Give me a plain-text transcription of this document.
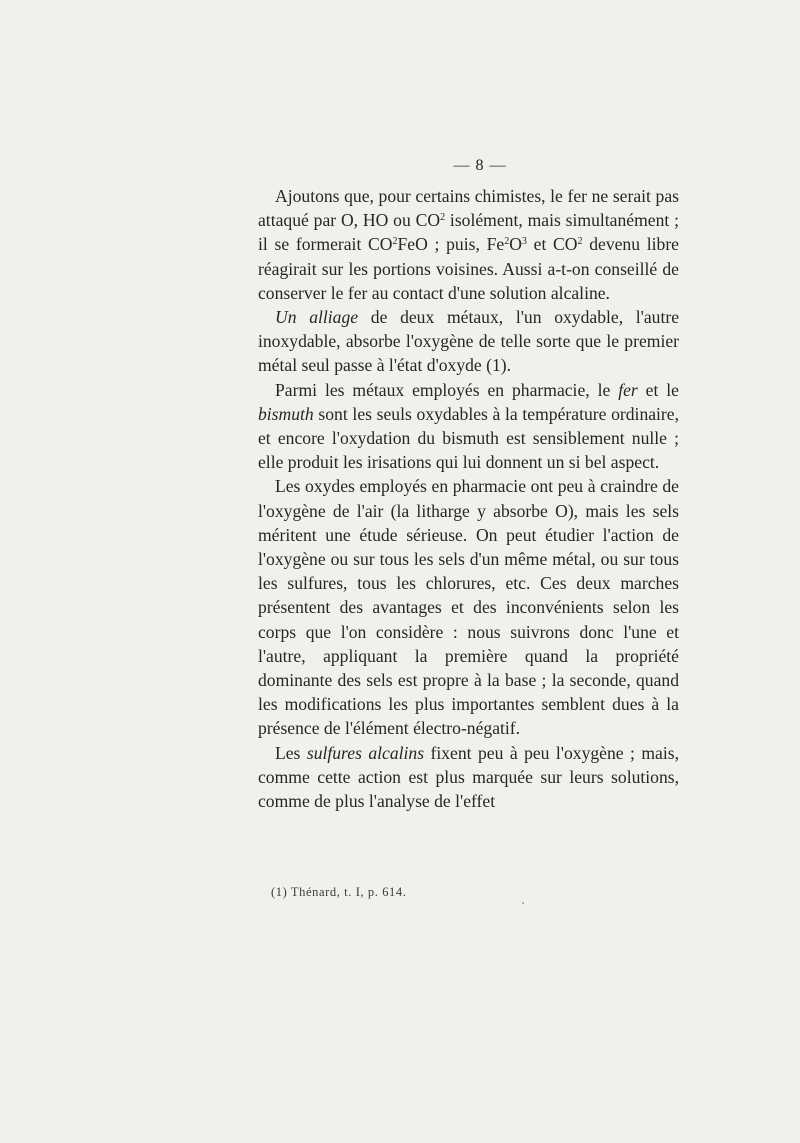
— 8 —

Ajoutons que, pour certains chimistes, le fer ne serait pas attaqué par O, HO ou $CO^2$ isolément, mais simultanément ; il se formerait $CO^2FeO$ ; puis, $Fe^2O^3$ et $CO^2$ devenu libre réagirait sur les portions voisines. Aussi a-t-on conseillé de conserver le fer au contact d'une solution alcaline.

Un alliage de deux métaux, l'un oxydable, l'autre inoxydable, absorbe l'oxygène de telle sorte que le premier métal seul passe à l'état d'oxyde (1).

Parmi les métaux employés en pharmacie, le fer et le bismuth sont les seuls oxydables à la température ordinaire, et encore l'oxydation du bismuth est sensiblement nulle ; elle produit les irisations qui lui donnent un si bel aspect.

Les oxydes employés en pharmacie ont peu à craindre de l'oxygène de l'air (la litharge y absorbe O), mais les sels méritent une étude sérieuse. On peut étudier l'action de l'oxygène ou sur tous les sels d'un même métal, ou sur tous les sulfures, tous les chlorures, etc. Ces deux marches présentent des avantages et des inconvénients selon les corps que l'on considère : nous suivrons donc l'une et l'autre, appliquant la première quand la propriété dominante des sels est propre à la base ; la seconde, quand les modifications les plus importantes semblent dues à la présence de l'élément électro-négatif.

Les sulfures alcalins fixent peu à peu l'oxygène ; mais, comme cette action est plus marquée sur leurs solutions, comme de plus l'analyse de l'effet

(1) Thénard, t. I, p. 614.
